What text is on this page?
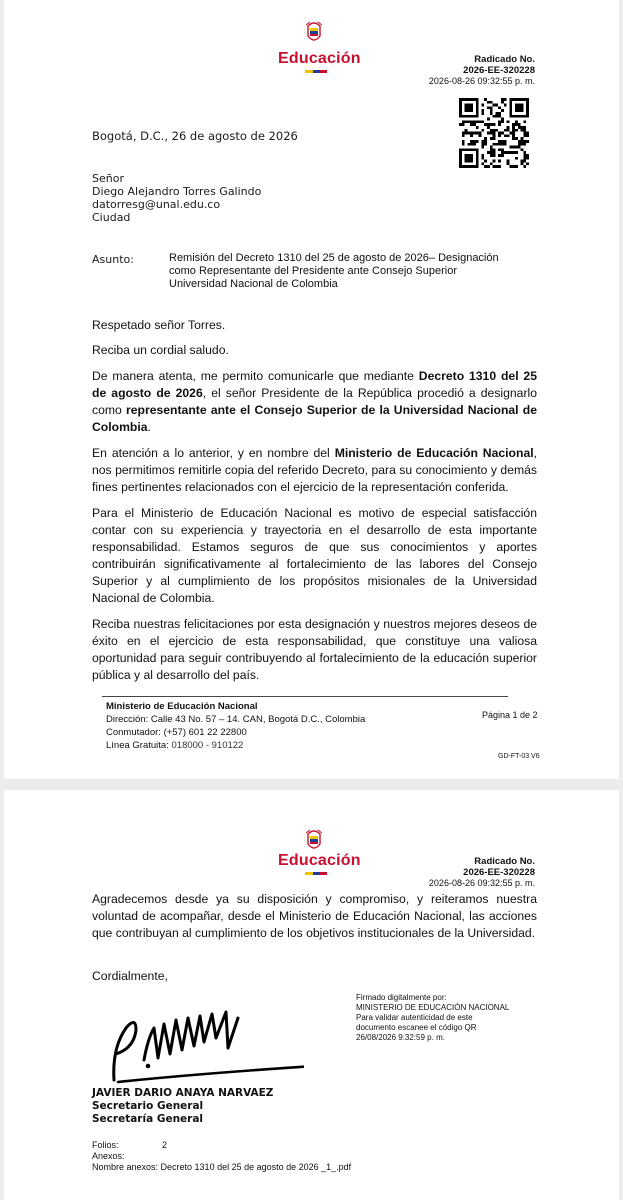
Educación	Radicado No.
2026-EE-320228
2026-08-26 09:32:55 p. m.
Bogotá, D.C., 26 de agosto de 2026
Señor
Diego Alejandro Torres Galindo
datorresg@unal.edu.co
Ciudad
Asunto:	Remisión del Decreto 1310 del 25 de agosto de 2026– Designación
como Representante del Presidente ante Consejo Superior
Universidad Nacional de Colombia

Respetado señor Torres.

Reciba un cordial saludo.

De manera atenta, me permito comunicarle que mediante Decreto 1310 del 25 de agosto de 2026, el señor Presidente de la República procedió a designarlo como representante ante el Consejo Superior de la Universidad Nacional de Colombia.

En atención a lo anterior, y en nombre del Ministerio de Educación Nacional, nos permitimos remitirle copia del referido Decreto, para su conocimiento y demás fines pertinentes relacionados con el ejercicio de la representación conferida.

Para el Ministerio de Educación Nacional es motivo de especial satisfacción contar con su experiencia y trayectoria en el desarrollo de esta importante responsabilidad. Estamos seguros de que sus conocimientos y aportes contribuirán significativamente al fortalecimiento de las labores del Consejo Superior y al cumplimiento de los propósitos misionales de la Universidad Nacional de Colombia.

Reciba nuestras felicitaciones por esta designación y nuestros mejores deseos de éxito en el ejercicio de esta responsabilidad, que constituye una valiosa oportunidad para seguir contribuyendo al fortalecimiento de la educación superior pública y al desarrollo del país.

Ministerio de Educación Nacional
Dirección: Calle 43 No. 57 – 14. CAN, Bogotá D.C., Colombia
Conmutador: (+57) 601 22 22800
Línea Gratuita: 018000 - 910122
Página 1 de 2
GD-FT-03 V6
Educación	Radicado No.
2026-EE-320228
2026-08-26 09:32:55 p. m.
Agradecemos desde ya su disposición y compromiso, y reiteramos nuestra voluntad de acompañar, desde el Ministerio de Educación Nacional, las acciones que contribuyan al cumplimiento de los objetivos institucionales de la Universidad.
Cordialmente,
Firmado digitalmente por:
MINISTERIO DE EDUCACIÓN NACIONAL
Para validar autenticidad de este
documento escanee el código QR
26/08/2026 9:32:59 p. m.
JAVIER DARIO ANAYA NARVAEZ
Secretario General
Secretaría General
Folios:	2
Anexos:
Nombre anexos: Decreto 1310 del 25 de agosto de 2026 _1_.pdf
